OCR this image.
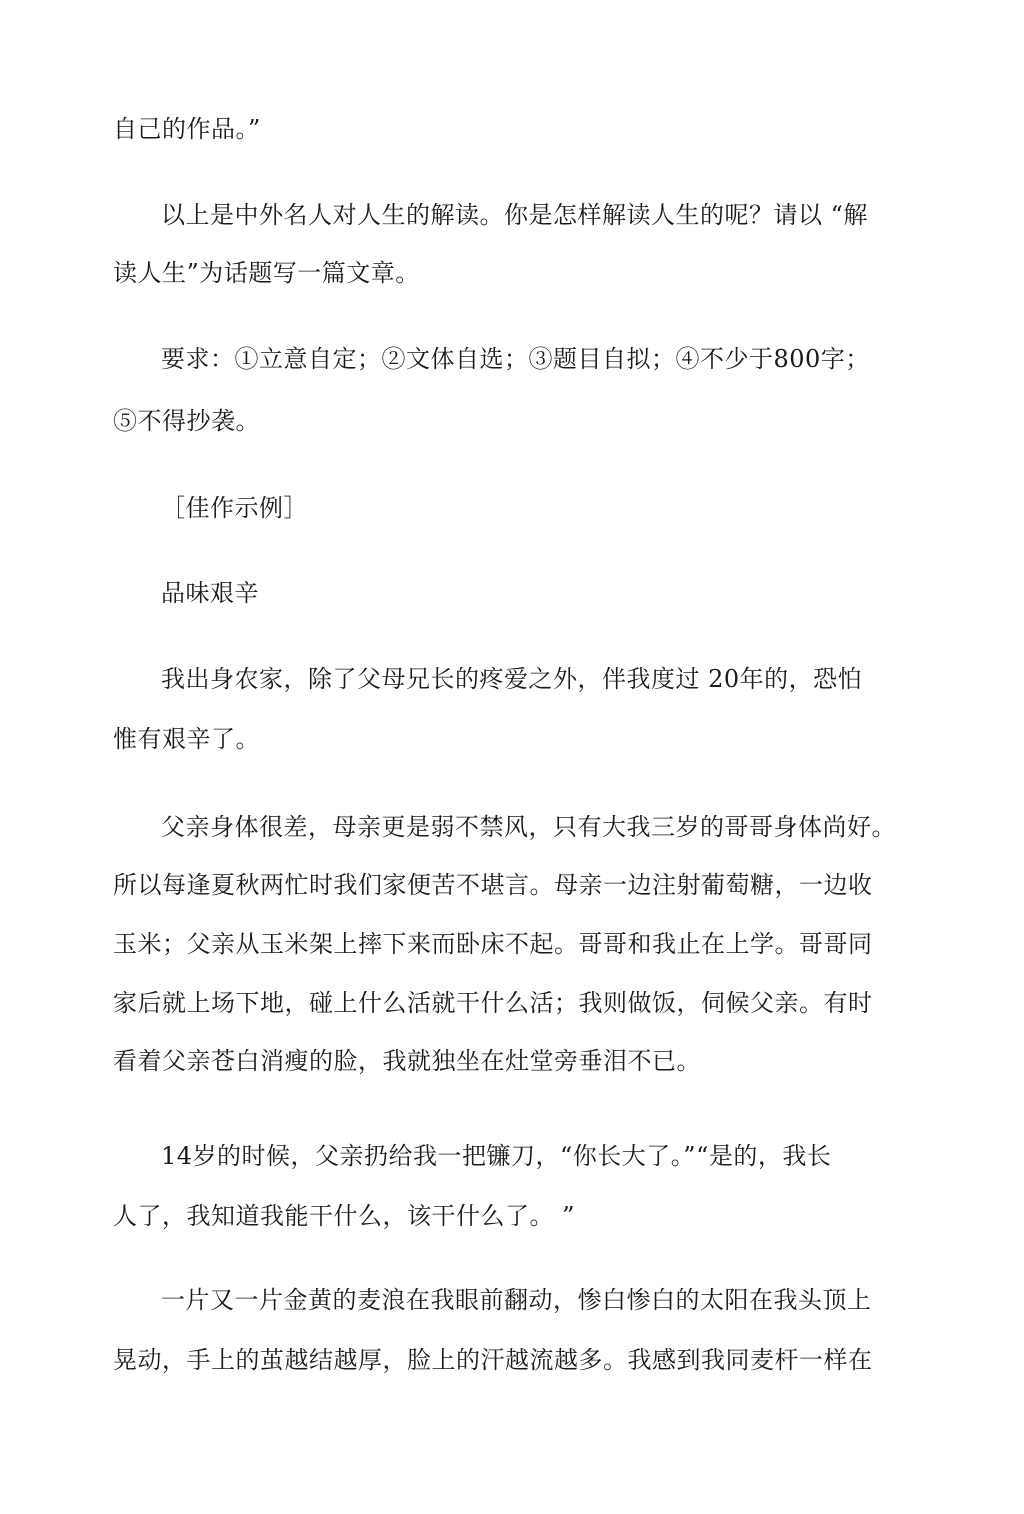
自己的作品。”
以上是中外名人对人生的解读。你是怎样解读人生的呢？请以 “解
读人生”为话题写一篇文章。
要求：①立意自定；②文体自选；③题目自拟；④不少于800字；
⑤不得抄袭。
［佳作示例］
品味艰辛
我出身农家，除了父母兄长的疼爱之外，伴我度过 20年的，恐怕
惟有艰辛了。
父亲身体很差，母亲更是弱不禁风，只有大我三岁的哥哥身体尚好。
所以每逢夏秋两忙时我们家便苦不堪言。母亲一边注射葡萄糖，一边收
玉米；父亲从玉米架上摔下来而卧床不起。哥哥和我止在上学。哥哥同
家后就上场下地，碰上什么活就干什么活；我则做饭，伺候父亲。有时
看着父亲苍白消瘦的脸，我就独坐在灶堂旁垂泪不已。
14岁的时候，父亲扔给我一把镰刀，“你长大了。”“是的，我长
人了，我知道我能干什么，该干什么了。 ”
一片又一片金黄的麦浪在我眼前翻动，惨白惨白的太阳在我头顶上
晃动，手上的茧越结越厚，脸上的汗越流越多。我感到我同麦杆一样在
